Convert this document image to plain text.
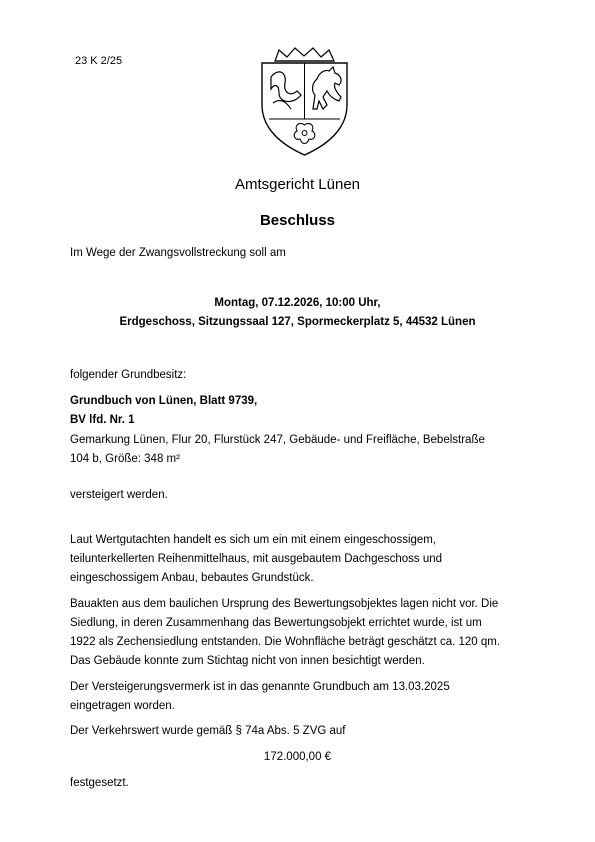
23 K 2/25
Amtsgericht Lünen
Beschluss
Im Wege der Zwangsvollstreckung soll am
Montag, 07.12.2026, 10:00 Uhr,
Erdgeschoss, Sitzungssaal 127, Spormeckerplatz 5, 44532 Lünen
folgender Grundbesitz:
Grundbuch von Lünen, Blatt 9739,
BV lfd. Nr. 1
Gemarkung Lünen, Flur 20, Flurstück 247, Gebäude- und Freifläche, Bebelstraße
104 b, Größe: 348 m²
versteigert werden.
Laut Wertgutachten handelt es sich um ein mit einem eingeschossigem,
teilunterkellerten Reihenmittelhaus, mit ausgebautem Dachgeschoss und
eingeschossigem Anbau, bebautes Grundstück.
Bauakten aus dem baulichen Ursprung des Bewertungsobjektes lagen nicht vor. Die
Siedlung, in deren Zusammenhang das Bewertungsobjekt errichtet wurde, ist um
1922 als Zechensiedlung entstanden. Die Wohnfläche beträgt geschätzt ca. 120 qm.
Das Gebäude konnte zum Stichtag nicht von innen besichtigt werden.
Der Versteigerungsvermerk ist in das genannte Grundbuch am 13.03.2025
eingetragen worden.
Der Verkehrswert wurde gemäß § 74a Abs. 5 ZVG auf
172.000,00 €
festgesetzt.
